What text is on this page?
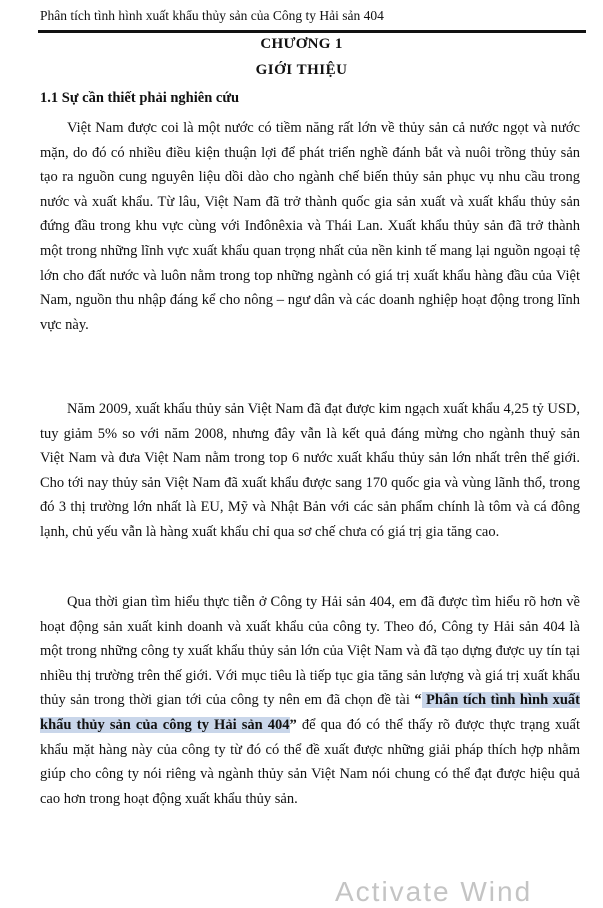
Phân tích tình hình xuất khẩu thủy sản của Công ty Hải sản 404
CHƯƠNG 1
GIỚI THIỆU
1.1 Sự cần thiết phải nghiên cứu

Việt Nam được coi là một nước có tiềm năng rất lớn về thủy sản cả nước ngọt và nước mặn, do đó có nhiều điều kiện thuận lợi để phát triển nghề đánh bắt và nuôi trồng thủy sản tạo ra nguồn cung nguyên liệu dồi dào cho ngành chế biến thủy sản phục vụ nhu cầu trong nước và xuất khẩu. Từ lâu, Việt Nam đã trở thành quốc gia sản xuất và xuất khẩu thủy sản đứng đầu trong khu vực cùng với Inđônêxia và Thái Lan. Xuất khẩu thủy sản đã trở thành một trong những lĩnh vực xuất khẩu quan trọng nhất của nền kinh tế mang lại nguồn ngoại tệ lớn cho đất nước và luôn nằm trong top những ngành có giá trị xuất khẩu hàng đầu của Việt Nam, nguồn thu nhập đáng kể cho nông – ngư dân và các doanh nghiệp hoạt động trong lĩnh vực này.

Năm 2009, xuất khẩu thủy sản Việt Nam đã đạt được kim ngạch xuất khẩu 4,25 tỷ USD, tuy giảm 5% so với năm 2008, nhưng đây vẫn là kết quả đáng mừng cho ngành thuỷ sản Việt Nam và đưa Việt Nam nằm trong top 6 nước xuất khẩu thủy sản lớn nhất trên thế giới. Cho tới nay thủy sản Việt Nam đã xuất khẩu được sang 170 quốc gia và vùng lãnh thổ, trong đó 3 thị trường lớn nhất là EU, Mỹ và Nhật Bản với các sản phẩm chính là tôm và cá đông lạnh, chủ yếu vẫn là hàng xuất khẩu chỉ qua sơ chế chưa có giá trị gia tăng cao.

Qua thời gian tìm hiểu thực tiễn ở Công ty Hải sản 404, em đã được tìm hiểu rõ hơn về hoạt động sản xuất kinh doanh và xuất khẩu của công ty. Theo đó, Công ty Hải sản 404 là một trong những công ty xuất khẩu thủy sản lớn của Việt Nam và đã tạo dựng được uy tín tại nhiều thị trường trên thế giới. Với mục tiêu là tiếp tục gia tăng sản lượng và giá trị xuất khẩu thủy sản trong thời gian tới của công ty nên em đã chọn đề tài “ Phân tích tình hình xuất khẩu thủy sản của công ty Hải sản 404” để qua đó có thể thấy rõ được thực trạng xuất khẩu mặt hàng này của công ty từ đó có thể đề xuất được những giải pháp thích hợp nhằm giúp cho công ty nói riêng và ngành thủy sản Việt Nam nói chung có thể đạt được hiệu quả cao hơn trong hoạt động xuất khẩu thủy sản.

Activate Wind
